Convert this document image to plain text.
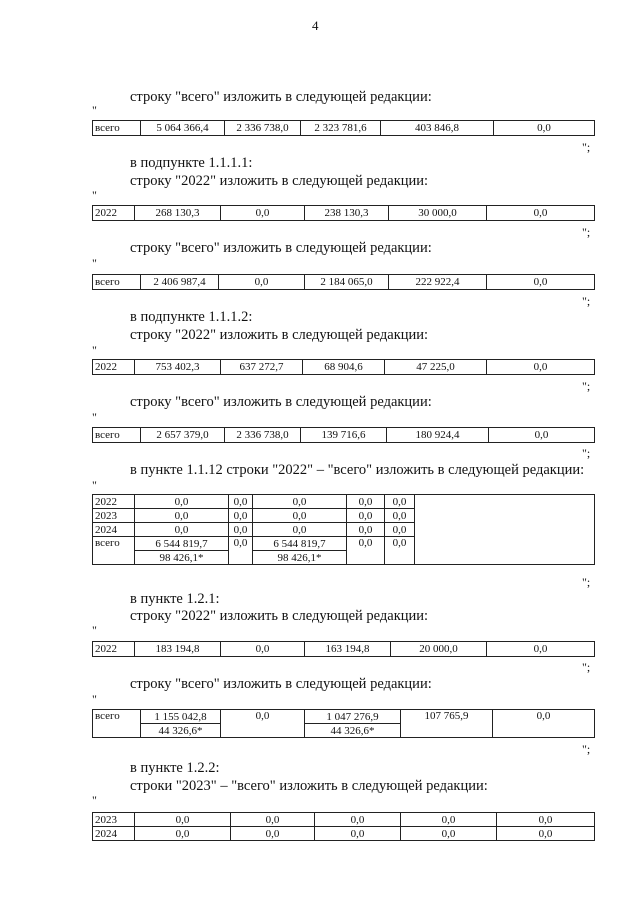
4
строку "всего" изложить в следующей редакции:
"
всего	5 064 366,4	2 336 738,0	2 323 781,6	403 846,8	0,0
";
в подпункте 1.1.1.1:
строку "2022" изложить в следующей редакции:
"
2022	268 130,3	0,0	238 130,3	30 000,0	0,0
";
строку "всего" изложить в следующей редакции:
"
всего	2 406 987,4	0,0	2 184 065,0	222 922,4	0,0
";
в подпункте 1.1.1.2:
строку "2022" изложить в следующей редакции:
"
2022	753 402,3	637 272,7	68 904,6	47 225,0	0,0
";
строку "всего" изложить в следующей редакции:
"
всего	2 657 379,0	2 336 738,0	139 716,6	180 924,4	0,0
";
в пункте 1.1.12 строки "2022" – "всего" изложить в следующей редакции:
"
2022	0,0	0,0	0,0	0,0	0,0	
2023	0,0	0,0	0,0	0,0	0,0	
2024	0,0	0,0	0,0	0,0	0,0	
всего	6 544 819,7	0,0	6 544 819,7	0,0	0,0	
	98 426,1*		98 426,1*			
";
в пункте 1.2.1:
строку "2022" изложить в следующей редакции:
"
2022	183 194,8	0,0	163 194,8	20 000,0	0,0
";
строку "всего" изложить в следующей редакции:
"
всего	1 155 042,8	0,0	1 047 276,9	107 765,9	0,0
	44 326,6*		44 326,6*		
";
в пункте 1.2.2:
строки "2023" – "всего" изложить в следующей редакции:
"
2023	0,0	0,0	0,0	0,0	0,0
2024	0,0	0,0	0,0	0,0	0,0
